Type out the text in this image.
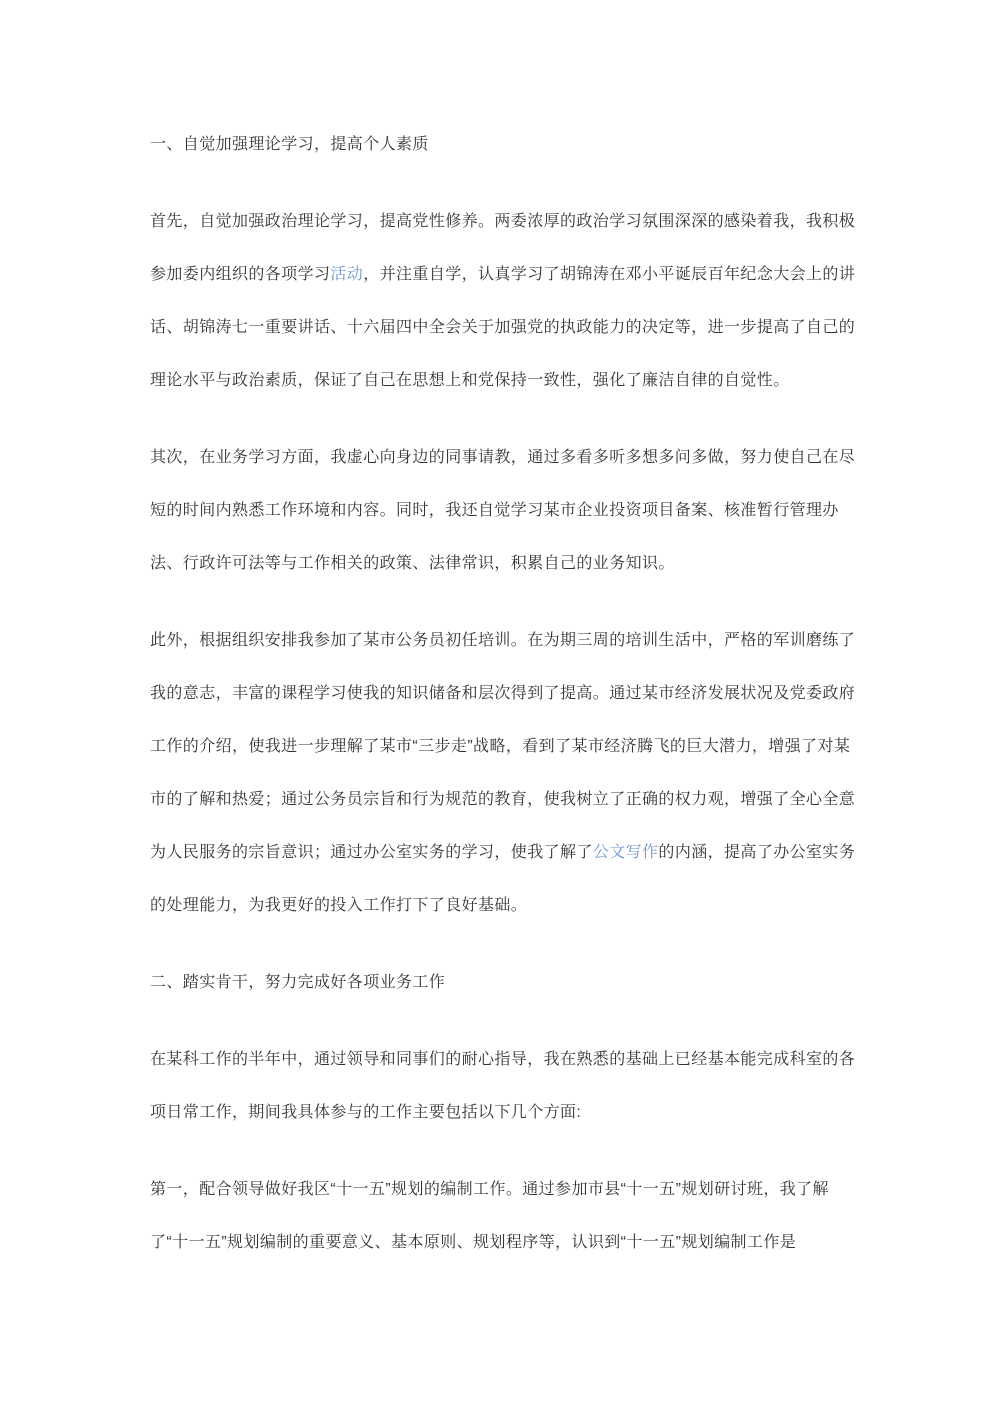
一、自觉加强理论学习，提高个人素质

首先，自觉加强政治理论学习，提高党性修养。两委浓厚的政治学习氛围深深的感染着我，我积极参加委内组织的各项学习活动，并注重自学，认真学习了胡锦涛在邓小平诞辰百年纪念大会上的讲话、胡锦涛七一重要讲话、十六届四中全会关于加强党的执政能力的决定等，进一步提高了自己的理论水平与政治素质，保证了自己在思想上和党保持一致性，强化了廉洁自律的自觉性。

其次，在业务学习方面，我虚心向身边的同事请教，通过多看多听多想多问多做，努力使自己在尽短的时间内熟悉工作环境和内容。同时，我还自觉学习某市企业投资项目备案、核准暂行管理办法、行政许可法等与工作相关的政策、法律常识，积累自己的业务知识。

此外，根据组织安排我参加了某市公务员初任培训。在为期三周的培训生活中，严格的军训磨练了我的意志，丰富的课程学习使我的知识储备和层次得到了提高。通过某市经济发展状况及党委政府工作的介绍，使我进一步理解了某市“三步走”战略，看到了某市经济腾飞的巨大潜力，增强了对某市的了解和热爱；通过公务员宗旨和行为规范的教育，使我树立了正确的权力观，增强了全心全意为人民服务的宗旨意识；通过办公室实务的学习，使我了解了公文写作的内涵，提高了办公室实务的处理能力，为我更好的投入工作打下了良好基础。

二、踏实肯干，努力完成好各项业务工作

在某科工作的半年中，通过领导和同事们的耐心指导，我在熟悉的基础上已经基本能完成科室的各项日常工作，期间我具体参与的工作主要包括以下几个方面:

第一，配合领导做好我区“十一五”规划的编制工作。通过参加市县“十一五”规划研讨班，我了解了“十一五”规划编制的重要意义、基本原则、规划程序等，认识到“十一五”规划编制工作是
